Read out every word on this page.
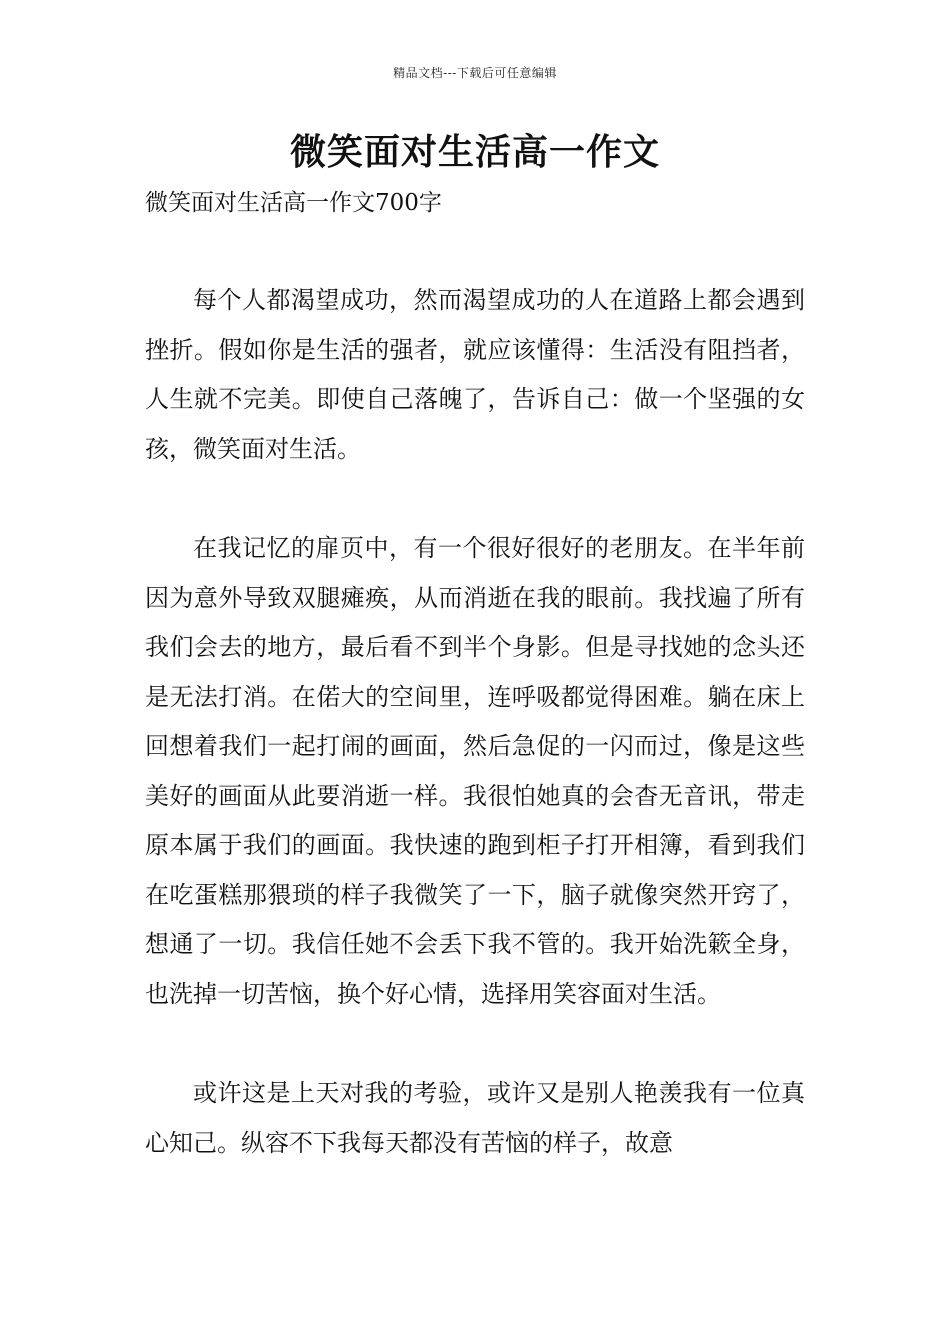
精品文档---下载后可任意编辑
微笑面对生活高一作文

微笑面对生活高一作文700字

每个人都渴望成功，然而渴望成功的人在道路上都会遇到挫折。假如你是生活的强者，就应该懂得：生活没有阻挡者，人生就不完美。即使自己落魄了，告诉自己：做一个坚强的女孩，微笑面对生活。

在我记忆的扉页中，有一个很好很好的老朋友。在半年前因为意外导致双腿瘫痪，从而消逝在我的眼前。我找遍了所有我们会去的地方，最后看不到半个身影。但是寻找她的念头还是无法打消。在偌大的空间里，连呼吸都觉得困难。躺在床上回想着我们一起打闹的画面，然后急促的一闪而过，像是这些美好的画面从此要消逝一样。我很怕她真的会杳无音讯，带走原本属于我们的画面。我快速的跑到柜子打开相簿，看到我们在吃蛋糕那猥琐的样子我微笑了一下，脑子就像突然开窍了，想通了一切。我信任她不会丢下我不管的。我开始洗簌全身，也洗掉一切苦恼，换个好心情，选择用笑容面对生活。

或许这是上天对我的考验，或许又是别人艳羡我有一位真心知己。纵容不下我每天都没有苦恼的样子，故意
